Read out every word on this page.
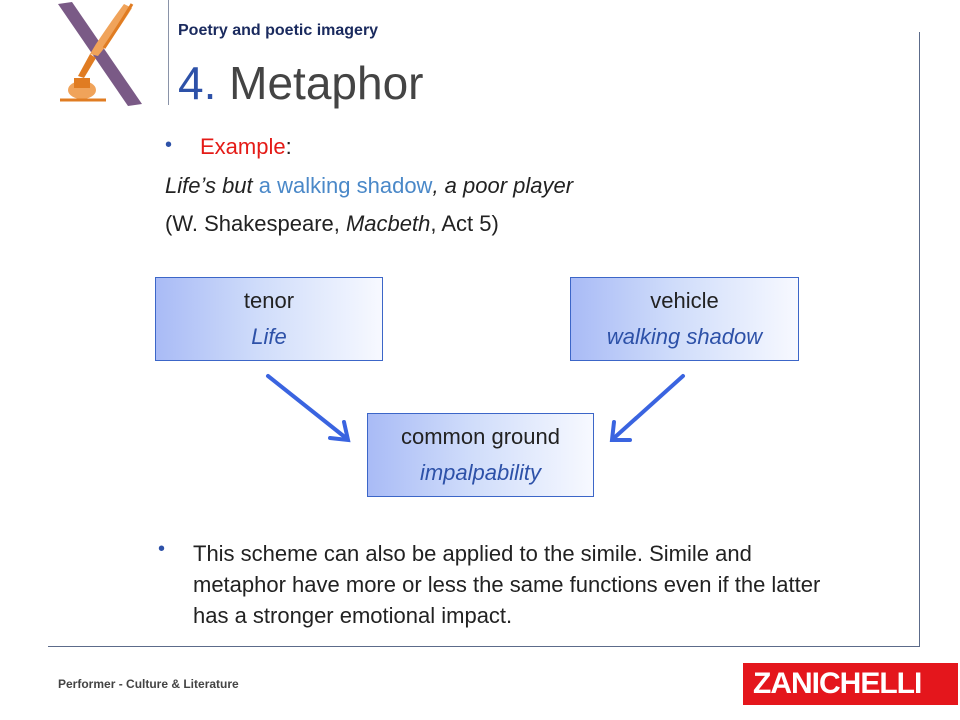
Poetry and poetic imagery
4. Metaphor
• Example:
Life’s but a walking shadow, a poor player
(W. Shakespeare, Macbeth, Act 5)
tenor
Life
vehicle
walking shadow
common ground
impalpability
• This scheme can also be applied to the simile. Simile and metaphor have more or less the same functions even if the latter has a stronger emotional impact.
Performer - Culture & Literature	ZANICHELLI
